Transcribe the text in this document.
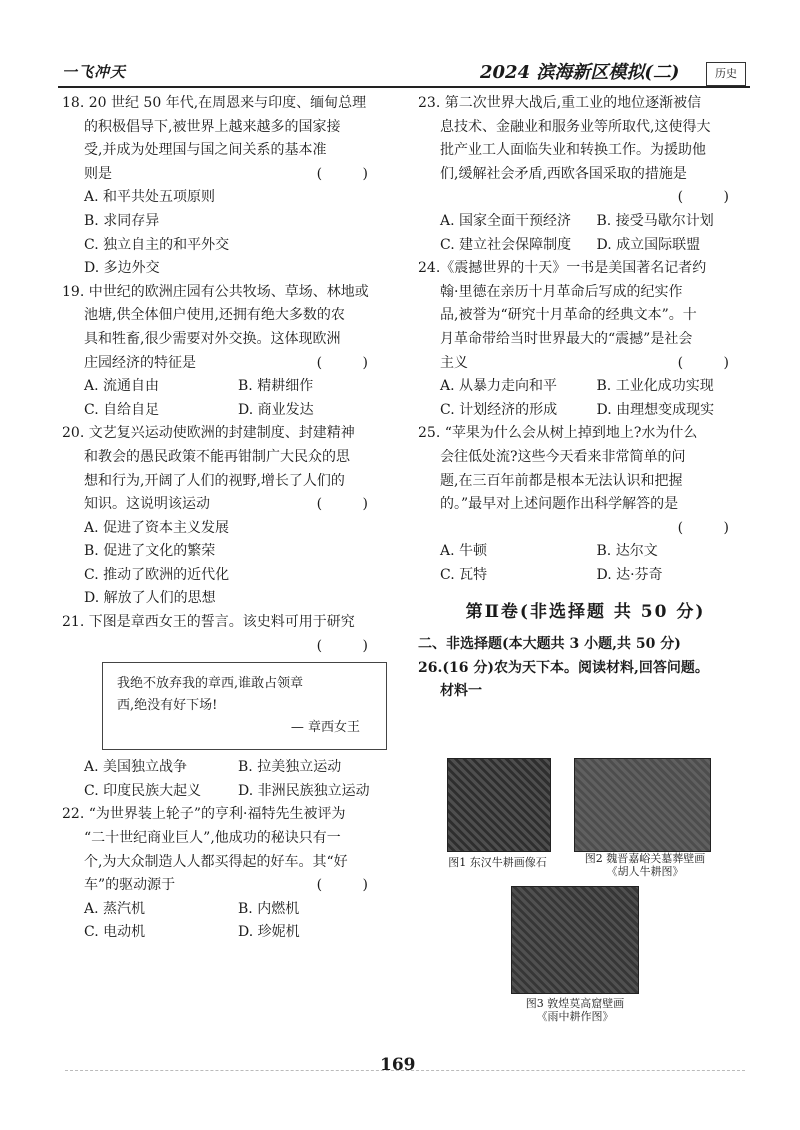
一飞冲天	2024 滨海新区模拟(二)	历史

18. 20 世纪 50 年代,在周恩来与印度、缅甸总理

的积极倡导下,被世界上越来越多的国家接

受,并成为处理国与国之间关系的基本准

则是	( )

A. 和平共处五项原则

B. 求同存异

C. 独立自主的和平外交

D. 多边外交

19. 中世纪的欧洲庄园有公共牧场、草场、林地或

池塘,供全体佃户使用,还拥有绝大多数的农

具和牲畜,很少需要对外交换。这体现欧洲

庄园经济的特征是	( )

A. 流通自由	B. 精耕细作
C. 自给自足	D. 商业发达

20. 文艺复兴运动使欧洲的封建制度、封建精神

和教会的愚民政策不能再钳制广大民众的思

想和行为,开阔了人们的视野,增长了人们的

知识。这说明该运动	( )

A. 促进了资本主义发展

B. 促进了文化的繁荣

C. 推动了欧洲的近代化

D. 解放了人们的思想

21. 下图是章西女王的誓言。该史料可用于研究

( )

我绝不放弃我的章西,谁敢占领章
西,绝没有好下场!
— 章西女王
A. 美国独立战争	B. 拉美独立运动
C. 印度民族大起义	D. 非洲民族独立运动

22. “为世界装上轮子”的亨利·福特先生被评为

“二十世纪商业巨人”,他成功的秘诀只有一

个,为大众制造人人都买得起的好车。其“好

车”的驱动源于	( )

A. 蒸汽机	B. 内燃机
C. 电动机	D. 珍妮机

23. 第二次世界大战后,重工业的地位逐渐被信

息技术、金融业和服务业等所取代,这使得大

批产业工人面临失业和转换工作。为援助他

们,缓解社会矛盾,西欧各国采取的措施是

( )

A. 国家全面干预经济	B. 接受马歇尔计划
C. 建立社会保障制度	D. 成立国际联盟

24.《震撼世界的十天》一书是美国著名记者约

翰·里德在亲历十月革命后写成的纪实作

品,被誉为“研究十月革命的经典文本”。十

月革命带给当时世界最大的“震撼”是社会

主义	( )

A. 从暴力走向和平	B. 工业化成功实现
C. 计划经济的形成	D. 由理想变成现实

25. “苹果为什么会从树上掉到地上?水为什么

会往低处流?这些今天看来非常简单的问

题,在三百年前都是根本无法认识和把握

的。”最早对上述问题作出科学解答的是

( )

A. 牛顿	B. 达尔文
C. 瓦特	D. 达·芬奇
第Ⅱ卷(非选择题 共 50 分)

二、非选择题(本大题共 3 小题,共 50 分)

26.(16 分)农为天下本。阅读材料,回答问题。

材料一

图1 东汉牛耕画像石	图2 魏晋嘉峪关墓葬壁画
《胡人牛耕图》
图3 敦煌莫高窟壁画
《雨中耕作图》
169
